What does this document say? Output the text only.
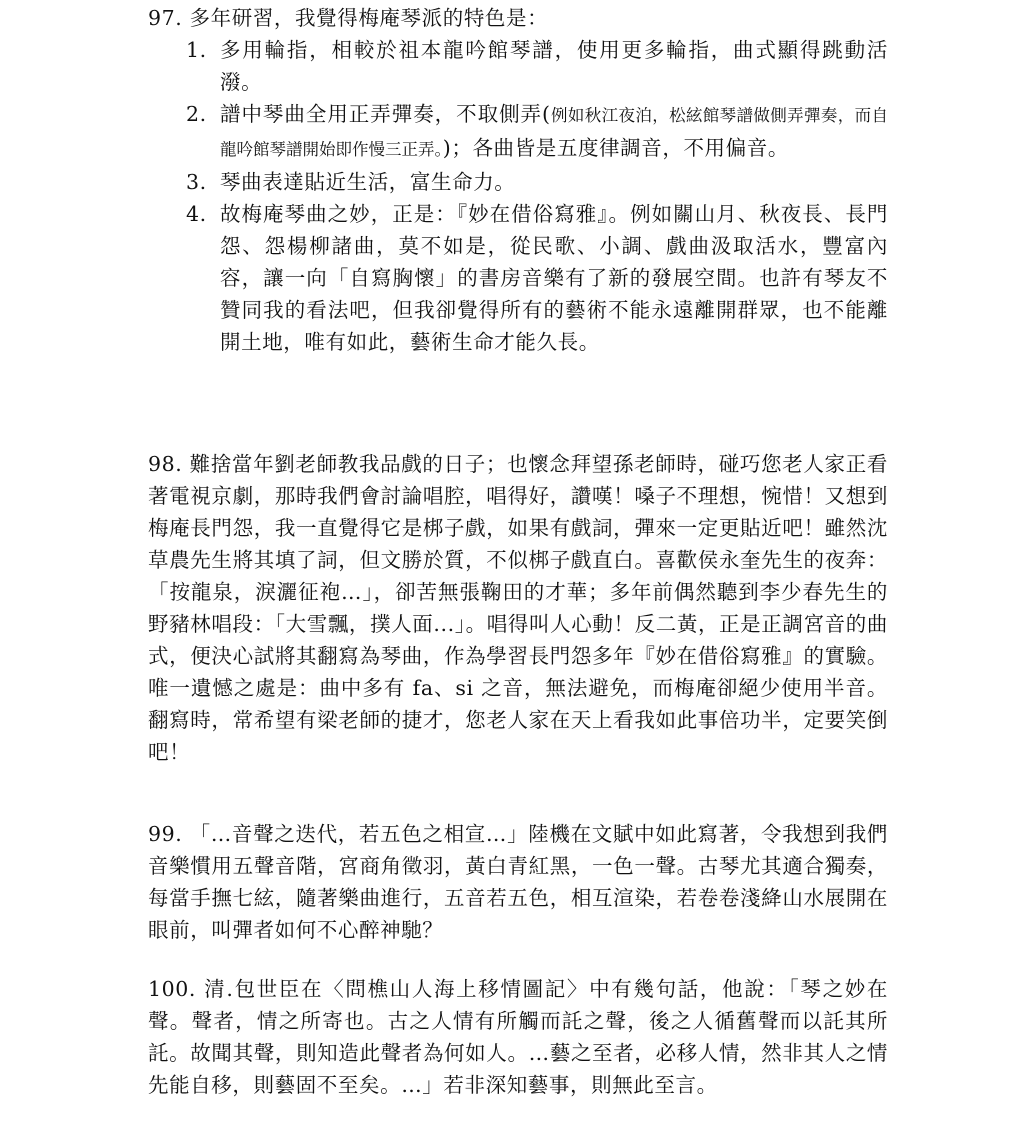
97. 多年研習，我覺得梅庵琴派的特色是：

1. 多用輪指，相較於祖本龍吟館琴譜，使用更多輪指，曲式顯得跳動活潑。

2. 譜中琴曲全用正弄彈奏，不取側弄(例如秋江夜泊，松絃館琴譜做側弄彈奏，而自龍吟館琴譜開始即作慢三正弄。)；各曲皆是五度律調音，不用偏音。

3. 琴曲表達貼近生活，富生命力。

4. 故梅庵琴曲之妙，正是：『妙在借俗寫雅』。例如關山月、秋夜長、長門怨、怨楊柳諸曲，莫不如是，從民歌、小調、戲曲汲取活水，豐富內容，讓一向「自寫胸懷」的書房音樂有了新的發展空間。也許有琴友不贊同我的看法吧，但我卻覺得所有的藝術不能永遠離開群眾，也不能離開土地，唯有如此，藝術生命才能久長。

98. 難捨當年劉老師教我品戲的日子；也懷念拜望孫老師時，碰巧您老人家正看著電視京劇，那時我們會討論唱腔，唱得好，讚嘆！嗓子不理想，惋惜！又想到梅庵長門怨，我一直覺得它是梆子戲，如果有戲詞，彈來一定更貼近吧！雖然沈草農先生將其填了詞，但文勝於質，不似梆子戲直白。喜歡侯永奎先生的夜奔：「按龍泉，淚灑征袍…」，卻苦無張鞠田的才華；多年前偶然聽到李少春先生的野豬林唱段：「大雪飄，撲人面...」。唱得叫人心動！反二黃，正是正調宮音的曲式，便決心試將其翻寫為琴曲，作為學習長門怨多年『妙在借俗寫雅』的實驗。唯一遺憾之處是：曲中多有 fa、si 之音，無法避免，而梅庵卻絕少使用半音。翻寫時，常希望有梁老師的捷才，您老人家在天上看我如此事倍功半，定要笑倒吧！

99. 「…音聲之迭代，若五色之相宣…」陸機在文賦中如此寫著，令我想到我們音樂慣用五聲音階，宮商角徵羽，黃白青紅黑，一色一聲。古琴尤其適合獨奏，每當手撫七絃，隨著樂曲進行，五音若五色，相互渲染，若卷卷淺絳山水展開在眼前，叫彈者如何不心醉神馳？

100. 清.包世臣在〈問樵山人海上移情圖記〉中有幾句話，他說：「琴之妙在聲。聲者，情之所寄也。古之人情有所觸而託之聲，後之人循舊聲而以託其所託。故聞其聲，則知造此聲者為何如人。…藝之至者，必移人情，然非其人之情先能自移，則藝固不至矣。…」若非深知藝事，則無此至言。
